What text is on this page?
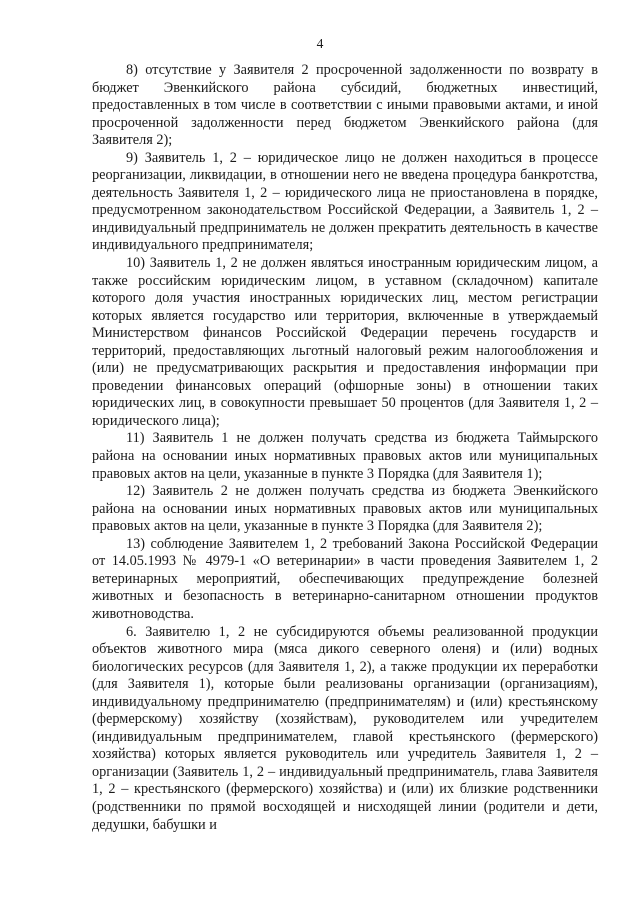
4

8) отсутствие у Заявителя 2 просроченной задолженности по возврату в бюджет Эвенкийского района субсидий, бюджетных инвестиций, предоставленных в том числе в соответствии с иными правовыми актами, и иной просроченной задолженности перед бюджетом Эвенкийского района (для Заявителя 2);

9) Заявитель 1, 2 – юридическое лицо не должен находиться в процессе реорганизации, ликвидации, в отношении него не введена процедура банкротства, деятельность Заявителя 1, 2 – юридического лица не приостановлена в порядке, предусмотренном законодательством Российской Федерации, а Заявитель 1, 2 – индивидуальный предприниматель не должен прекратить деятельность в качестве индивидуального предпринимателя;

10) Заявитель 1, 2 не должен являться иностранным юридическим лицом, а также российским юридическим лицом, в уставном (складочном) капитале которого доля участия иностранных юридических лиц, местом регистрации которых является государство или территория, включенные в утверждаемый Министерством финансов Российской Федерации перечень государств и территорий, предоставляющих льготный налоговый режим налогообложения и (или) не предусматривающих раскрытия и предоставления информации при проведении финансовых операций (офшорные зоны) в отношении таких юридических лиц, в совокупности превышает 50 процентов (для Заявителя 1, 2 – юридического лица);

11) Заявитель 1 не должен получать средства из бюджета Таймырского района на основании иных нормативных правовых актов или муниципальных правовых актов на цели, указанные в пункте 3 Порядка (для Заявителя 1);

12) Заявитель 2 не должен получать средства из бюджета Эвенкийского района на основании иных нормативных правовых актов или муниципальных правовых актов на цели, указанные в пункте 3 Порядка (для Заявителя 2);

13) соблюдение Заявителем 1, 2 требований Закона Российской Федерации от 14.05.1993 № 4979-1 «О ветеринарии» в части проведения Заявителем 1, 2 ветеринарных мероприятий, обеспечивающих предупреждение болезней животных и безопасность в ветеринарно-санитарном отношении продуктов животноводства.

6. Заявителю 1, 2 не субсидируются объемы реализованной продукции объектов животного мира (мяса дикого северного оленя) и (или) водных биологических ресурсов (для Заявителя 1, 2), а также продукции их переработки (для Заявителя 1), которые были реализованы организации (организациям), индивидуальному предпринимателю (предпринимателям) и (или) крестьянскому (фермерскому) хозяйству (хозяйствам), руководителем или учредителем (индивидуальным предпринимателем, главой крестьянского (фермерского) хозяйства) которых является руководитель или учредитель Заявителя 1, 2 – организации (Заявитель 1, 2 – индивидуальный предприниматель, глава Заявителя 1, 2 – крестьянского (фермерского) хозяйства) и (или) их близкие родственники (родственники по прямой восходящей и нисходящей линии (родители и дети, дедушки, бабушки и
